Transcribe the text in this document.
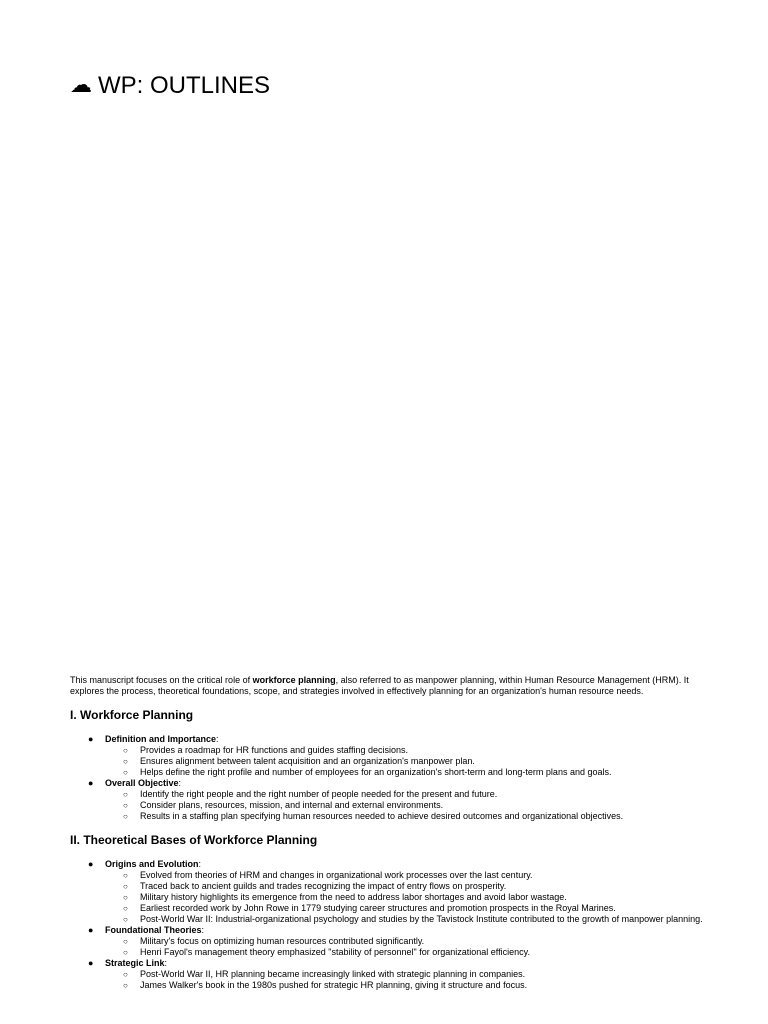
☁ WP: OUTLINES

This manuscript focuses on the critical role of workforce planning, also referred to as manpower planning, within Human Resource Management (HRM). It explores the process, theoretical foundations, scope, and strategies involved in effectively planning for an organization's human resource needs.

I. Workforce Planning
● Definition and Importance:
○ Provides a roadmap for HR functions and guides staffing decisions.
○ Ensures alignment between talent acquisition and an organization's manpower plan.
○ Helps define the right profile and number of employees for an organization's short-term and long-term plans and goals.
● Overall Objective:
○ Identify the right people and the right number of people needed for the present and future.
○ Consider plans, resources, mission, and internal and external environments.
○ Results in a staffing plan specifying human resources needed to achieve desired outcomes and organizational objectives.
II. Theoretical Bases of Workforce Planning
● Origins and Evolution:
○ Evolved from theories of HRM and changes in organizational work processes over the last century.
○ Traced back to ancient guilds and trades recognizing the impact of entry flows on prosperity.
○ Military history highlights its emergence from the need to address labor shortages and avoid labor wastage.
○ Earliest recorded work by John Rowe in 1779 studying career structures and promotion prospects in the Royal Marines.
○ Post-World War II: Industrial-organizational psychology and studies by the Tavistock Institute contributed to the growth of manpower planning.
● Foundational Theories:
○ Military's focus on optimizing human resources contributed significantly.
○ Henri Fayol's management theory emphasized "stability of personnel" for organizational efficiency.
● Strategic Link:
○ Post-World War II, HR planning became increasingly linked with strategic planning in companies.
○ James Walker's book in the 1980s pushed for strategic HR planning, giving it structure and focus.
